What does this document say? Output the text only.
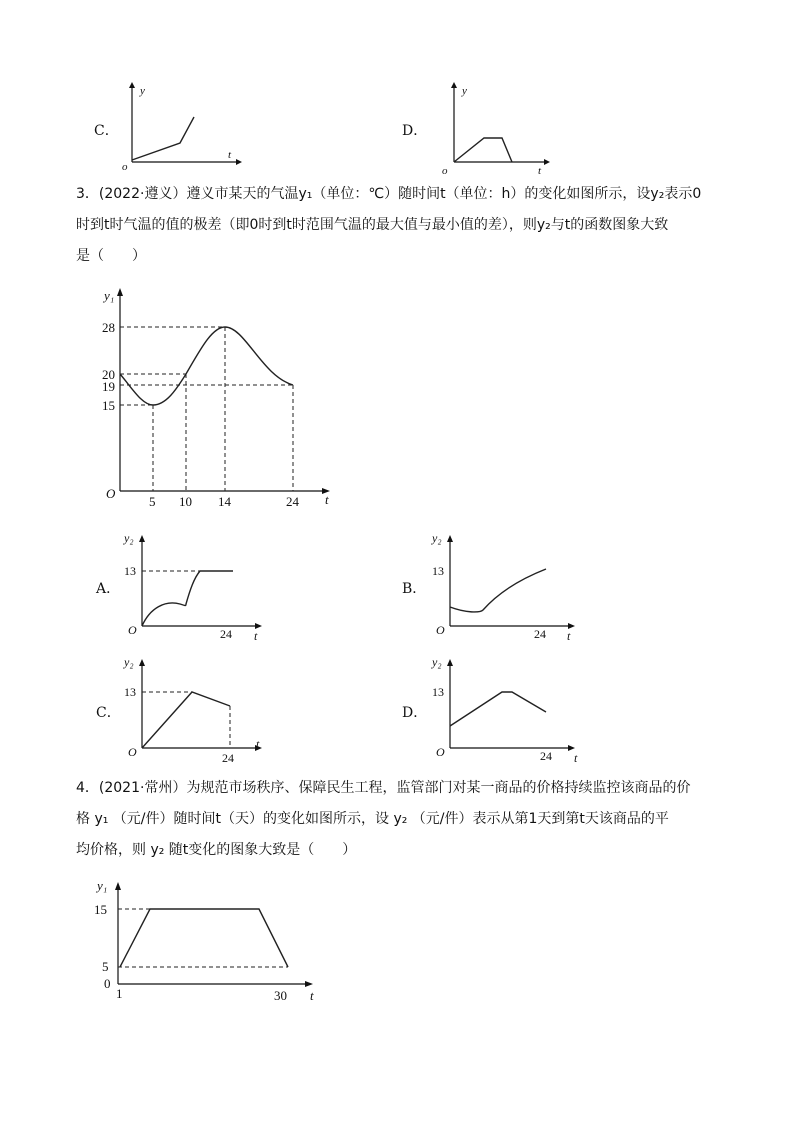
C．
y
t
o
D．
y
t
o
3．(2022·遵义）遵义市某天的气温y₁（单位：℃）随时间t（单位：h）的变化如图所示，设y₂表示0
时到t时气温的值的极差（即0时到t时范围气温的最大值与最小值的差），则y₂与t的函数图象大致
是（　　）
y₁
t
O
28
20
19
15
5 10 14	24
A．
y₂
t
O
13
24
B．
y₂
t
O
13
24
C．
y₂
t
O
13
24
D．
y₂
t
O
13
24
4．(2021·常州）为规范市场秩序、保障民生工程，监管部门对某一商品的价格持续监控该商品的价
格 y₁ （元/件）随时间t（天）的变化如图所示，设 y₂ （元/件）表示从第1天到第t天该商品的平
均价格，则 y₂ 随t变化的图象大致是（　　）
y₁
t
0
15
5
1	30
